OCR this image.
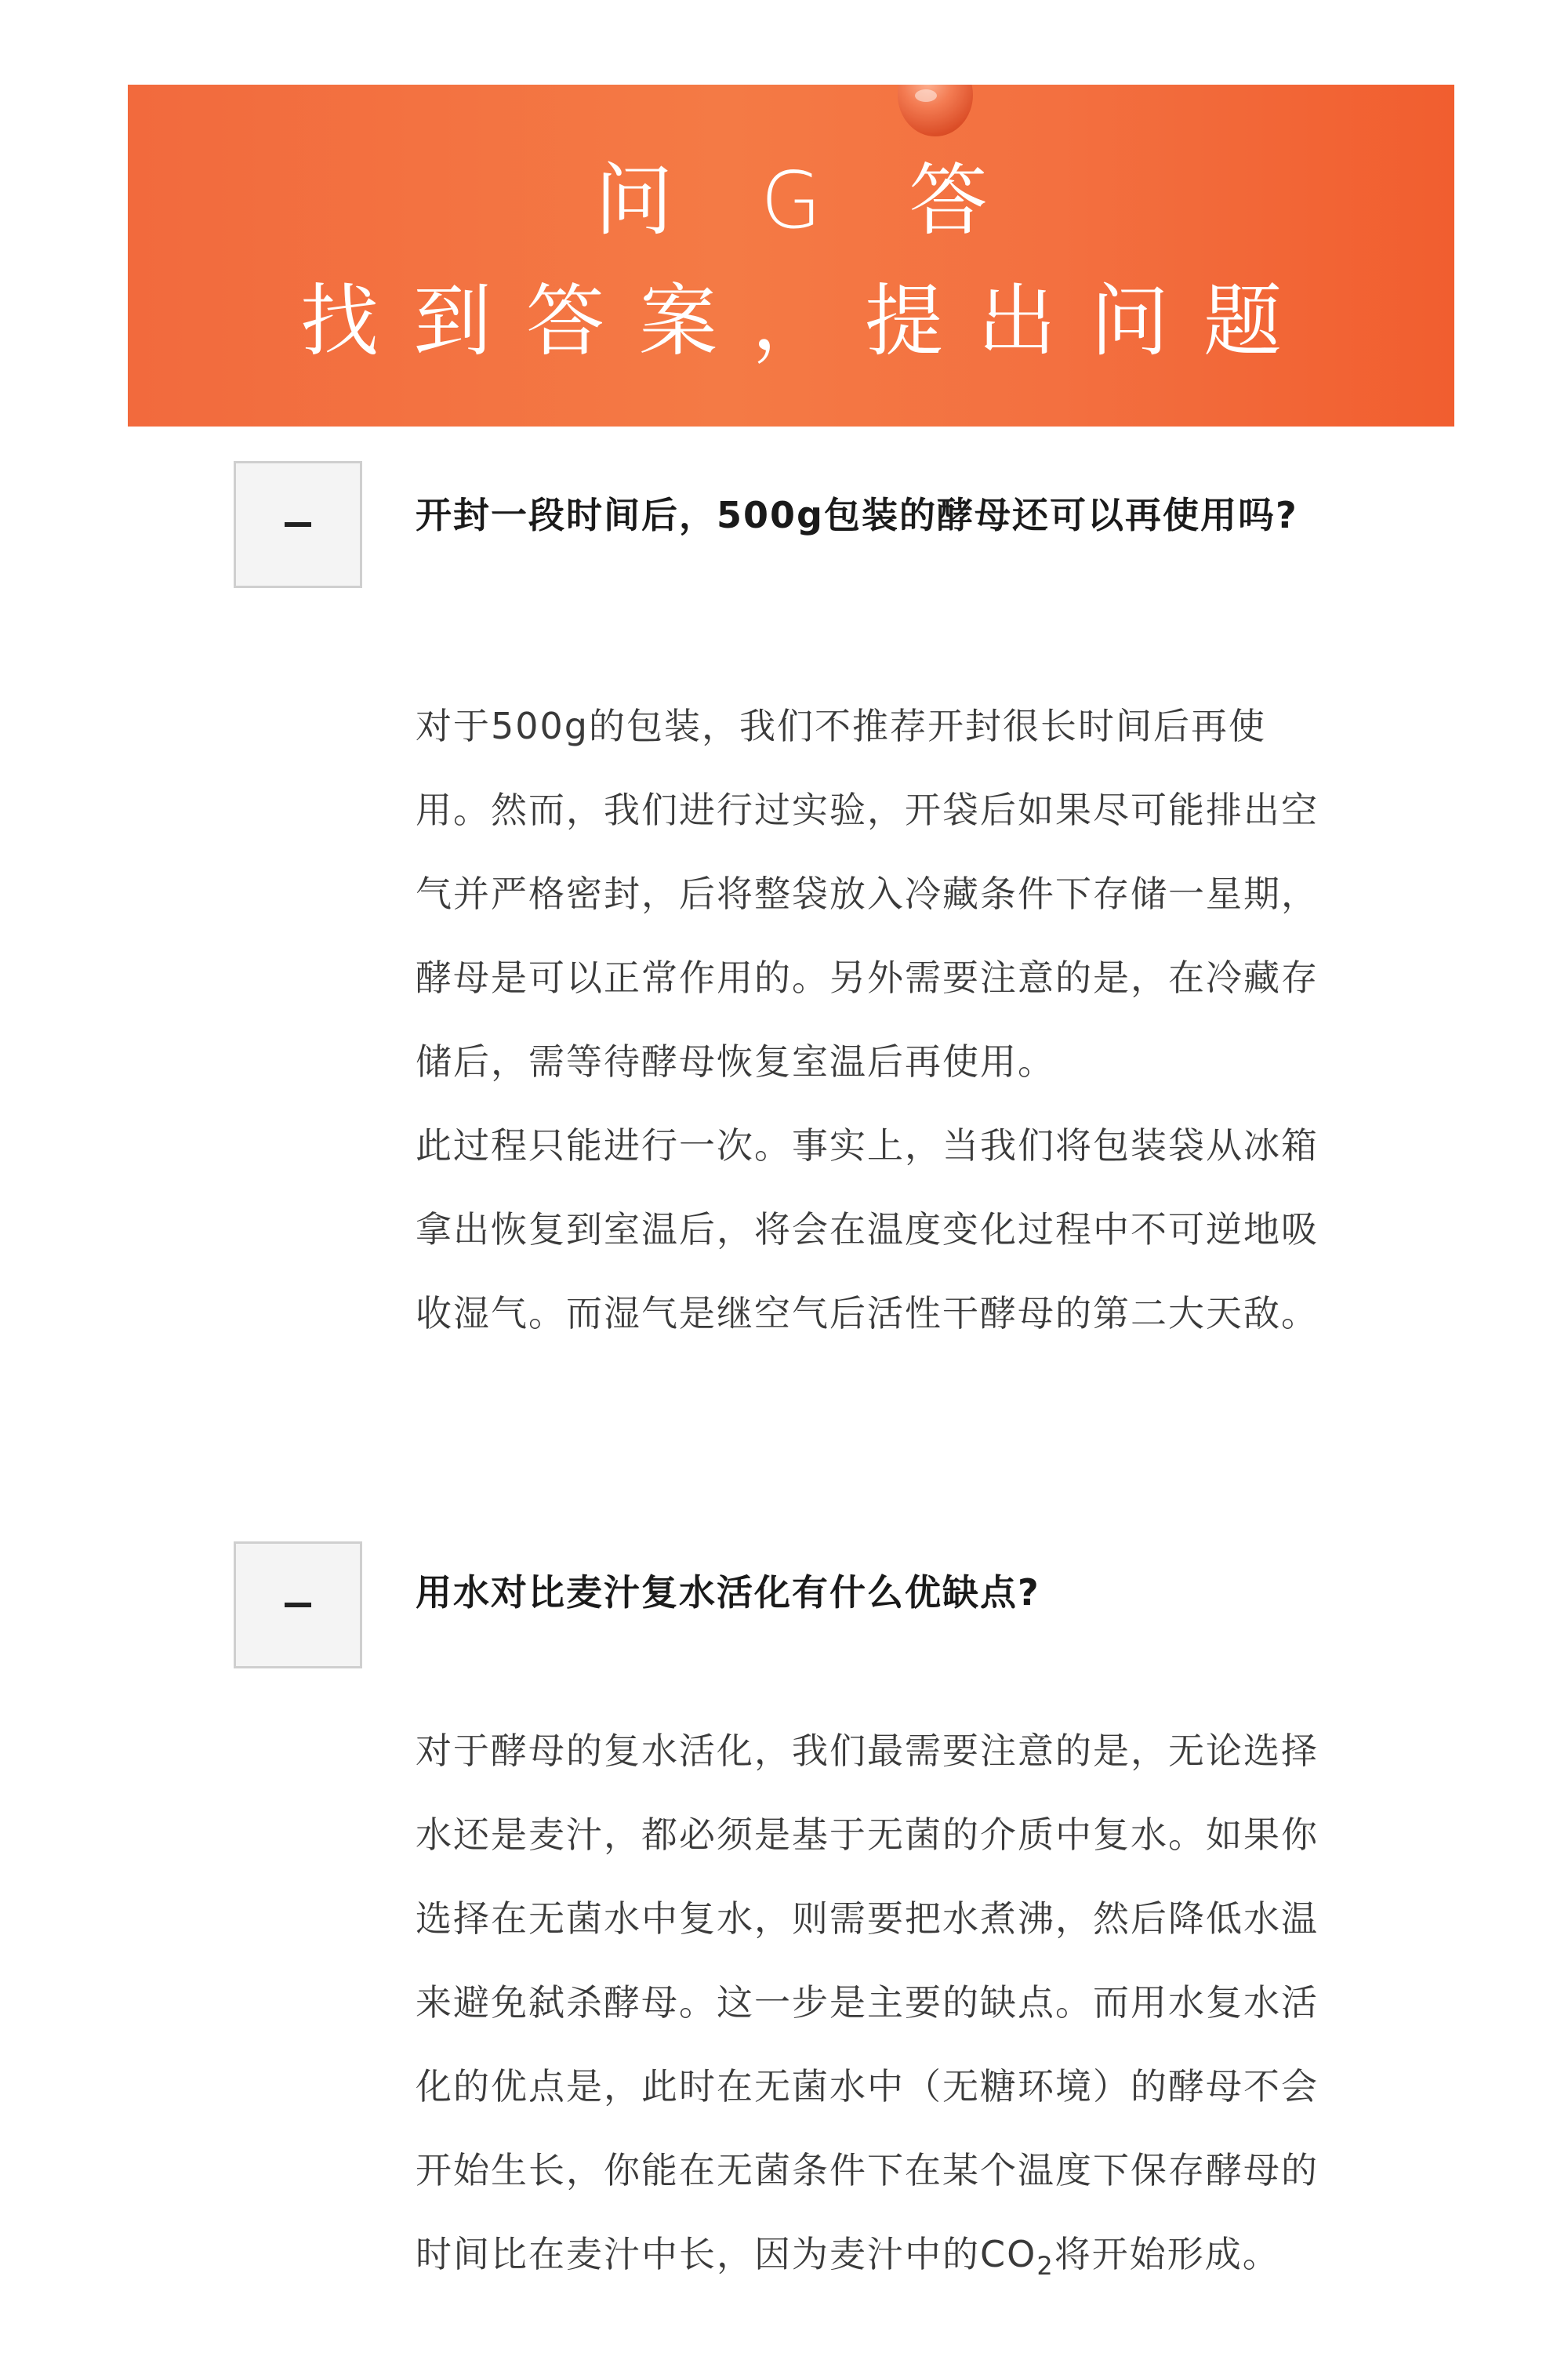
问 G 答
找到答案，提出问题
开封一段时间后，500g包装的酵母还可以再使用吗?

对于500g的包装，我们不推荐开封很长时间后再使用。然而，我们进行过实验，开袋后如果尽可能排出空气并严格密封，后将整袋放入冷藏条件下存储一星期，酵母是可以正常作用的。另外需要注意的是，在冷藏存储后，需等待酵母恢复室温后再使用。

此过程只能进行一次。事实上，当我们将包装袋从冰箱拿出恢复到室温后，将会在温度变化过程中不可逆地吸收湿气。而湿气是继空气后活性干酵母的第二大天敌。

用水对比麦汁复水活化有什么优缺点?

对于酵母的复水活化，我们最需要注意的是，无论选择水还是麦汁，都必须是基于无菌的介质中复水。如果你选择在无菌水中复水，则需要把水煮沸，然后降低水温来避免弑杀酵母。这一步是主要的缺点。而用水复水活化的优点是，此时在无菌水中（无糖环境）的酵母不会开始生长，你能在无菌条件下在某个温度下保存酵母的时间比在麦汁中长，因为麦汁中的$CO_2$将开始形成。
